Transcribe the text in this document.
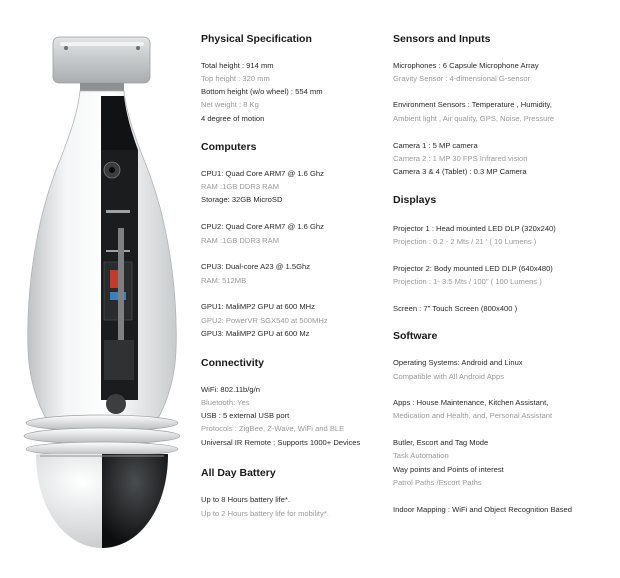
Physical Specification
Total height : 914 mm
Top height : 320 mm
Bottom height (w/o wheel) : 554 mm
Net weight : 8 Kg
4 degree of motion
Computers
CPU1: Quad Core ARM7 @ 1.6 Ghz
RAM :1GB DDR3 RAM
Storage: 32GB MicroSD
CPU2: Quad Core ARM7 @ 1.6 Ghz
RAM :1GB DDR3 RAM
CPU3: Dual-core A23 @ 1.5Ghz
RAM: 512MB
GPU1: MaliMP2 GPU at 600 MHz
GPU2: PowerVR SGX540 at 500MHz
GPU3: MaliMP2 GPU at 600 Mz
Connectivity
WiFi: 802.11b/g/n
Bluetooth: Yes
USB : 5 external USB port
Protocols : ZigBee, Z-Wave, WiFi and BLE
Universal IR Remote : Supports 1000+ Devices
All Day Battery
Up to 8 Hours battery life*.
Up to 2 Hours battery life for mobility*.
Sensors and Inputs
Microphones : 6 Capsule Microphone Array
Gravity Sensor : 4-dimensional G-sensor
Environment Sensors : Temperature , Humidity,
Ambient light , Air quality, GPS, Noise, Pressure
Camera 1 : 5 MP camera
Camera 2 : 1 MP 30 FPS Infrared vision
Camera 3 & 4 (Tablet) : 0.3 MP Camera
Displays
Projector 1 : Head mounted LED DLP (320x240)
Projection : 0.2 - 2 Mts / 21 ' ( 10 Lumens )
Projector 2: Body mounted LED DLP (640x480)
Projection : 1- 3.5 Mts / 100" ( 100 Lumens )
Screen : 7" Touch Screen (800x400 )
Software
Operating Systems: Android and Linux
Compatible with All Android Apps
Apps : House Maintenance, Kitchen Assistant,
Medication and Health, and, Personal Assistant
Butler, Escort and Tag Mode
Task Automation
Way points and Points of interest
Patrol Paths /Escort Paths
Indoor Mapping : WiFi and Object Recognition Based
